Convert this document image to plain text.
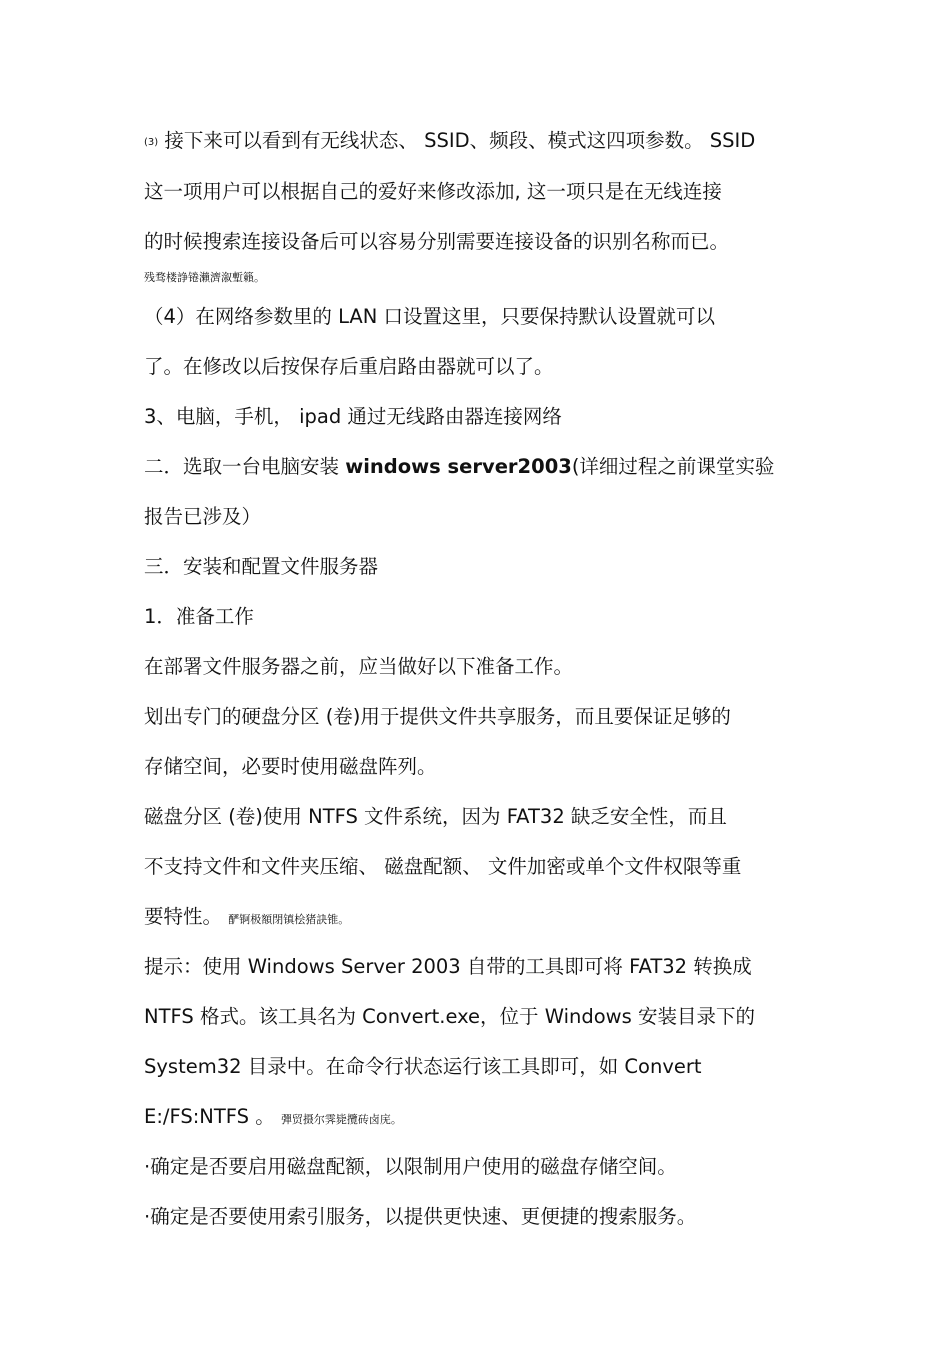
(3) 接下来可以看到有无线状态、 SSID、频段、模式这四项参数。 SSID
这一项用户可以根据自己的爱好来修改添加, 这一项只是在无线连接
的时候搜索连接设备后可以容易分别需要连接设备的识别名称而已。
残骛楼諍锩瀨濟溆塹籟。
（4）在网络参数里的 LAN 口设置这里，只要保持默认设置就可以
了。在修改以后按保存后重启路由器就可以了。
3、电脑，手机， ipad 通过无线路由器连接网络
二．选取一台电脑安装 windows server2003(详细过程之前课堂实验
报告已涉及）
三．安装和配置文件服务器
1．准备工作
在部署文件服务器之前，应当做好以下准备工作。
划出专门的硬盘分区 (卷)用于提供文件共享服务，而且要保证足够的
存储空间，必要时使用磁盘阵列。
磁盘分区 (卷)使用 NTFS 文件系统，因为 FAT32 缺乏安全性，而且
不支持文件和文件夹压缩、 磁盘配额、 文件加密或单个文件权限等重
要特性。 酽锕极額閉镇桧猪訣锥。
提示：使用 Windows Server 2003 自带的工具即可将 FAT32 转换成
NTFS 格式。该工具名为 Convert.exe，位于 Windows 安装目录下的
System32 目录中。在命令行状态运行该工具即可，如 Convert
E:/FS:NTFS 。 彈贸摄尔霁毙攬砖卤庑。
·确定是否要启用磁盘配额，以限制用户使用的磁盘存储空间。
·确定是否要使用索引服务，以提供更快速、更便捷的搜索服务。
